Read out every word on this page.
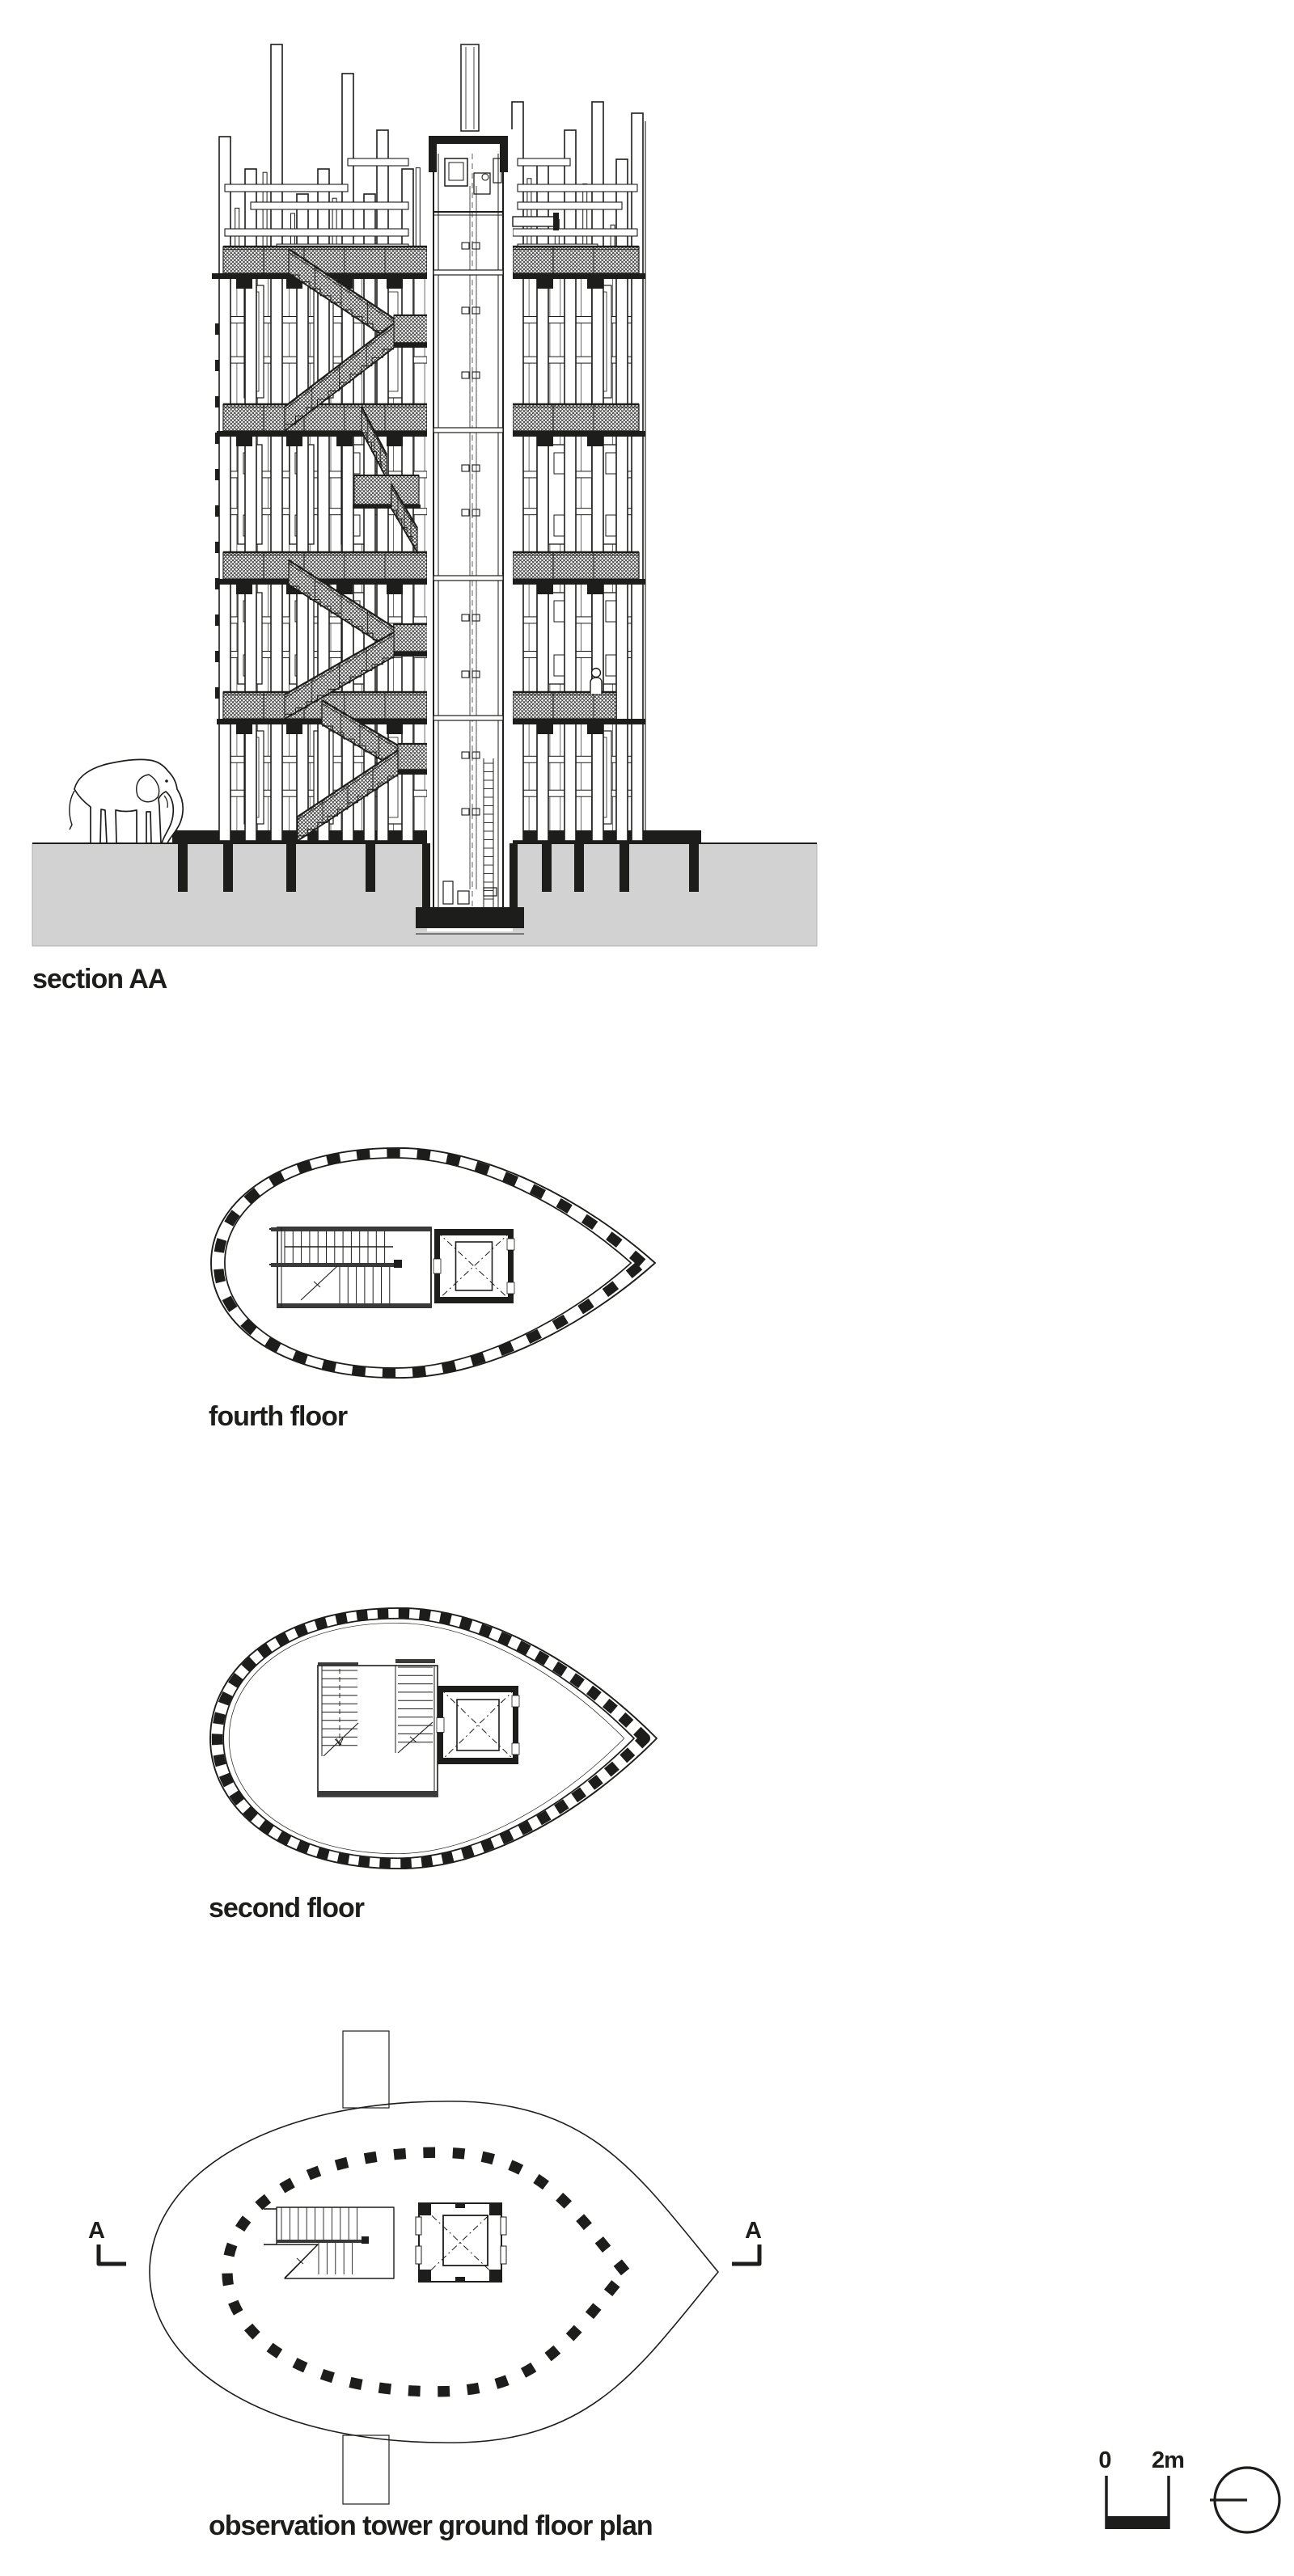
section AA
fourth floor
second floor
observation tower ground floor plan
A	A
0 2m
